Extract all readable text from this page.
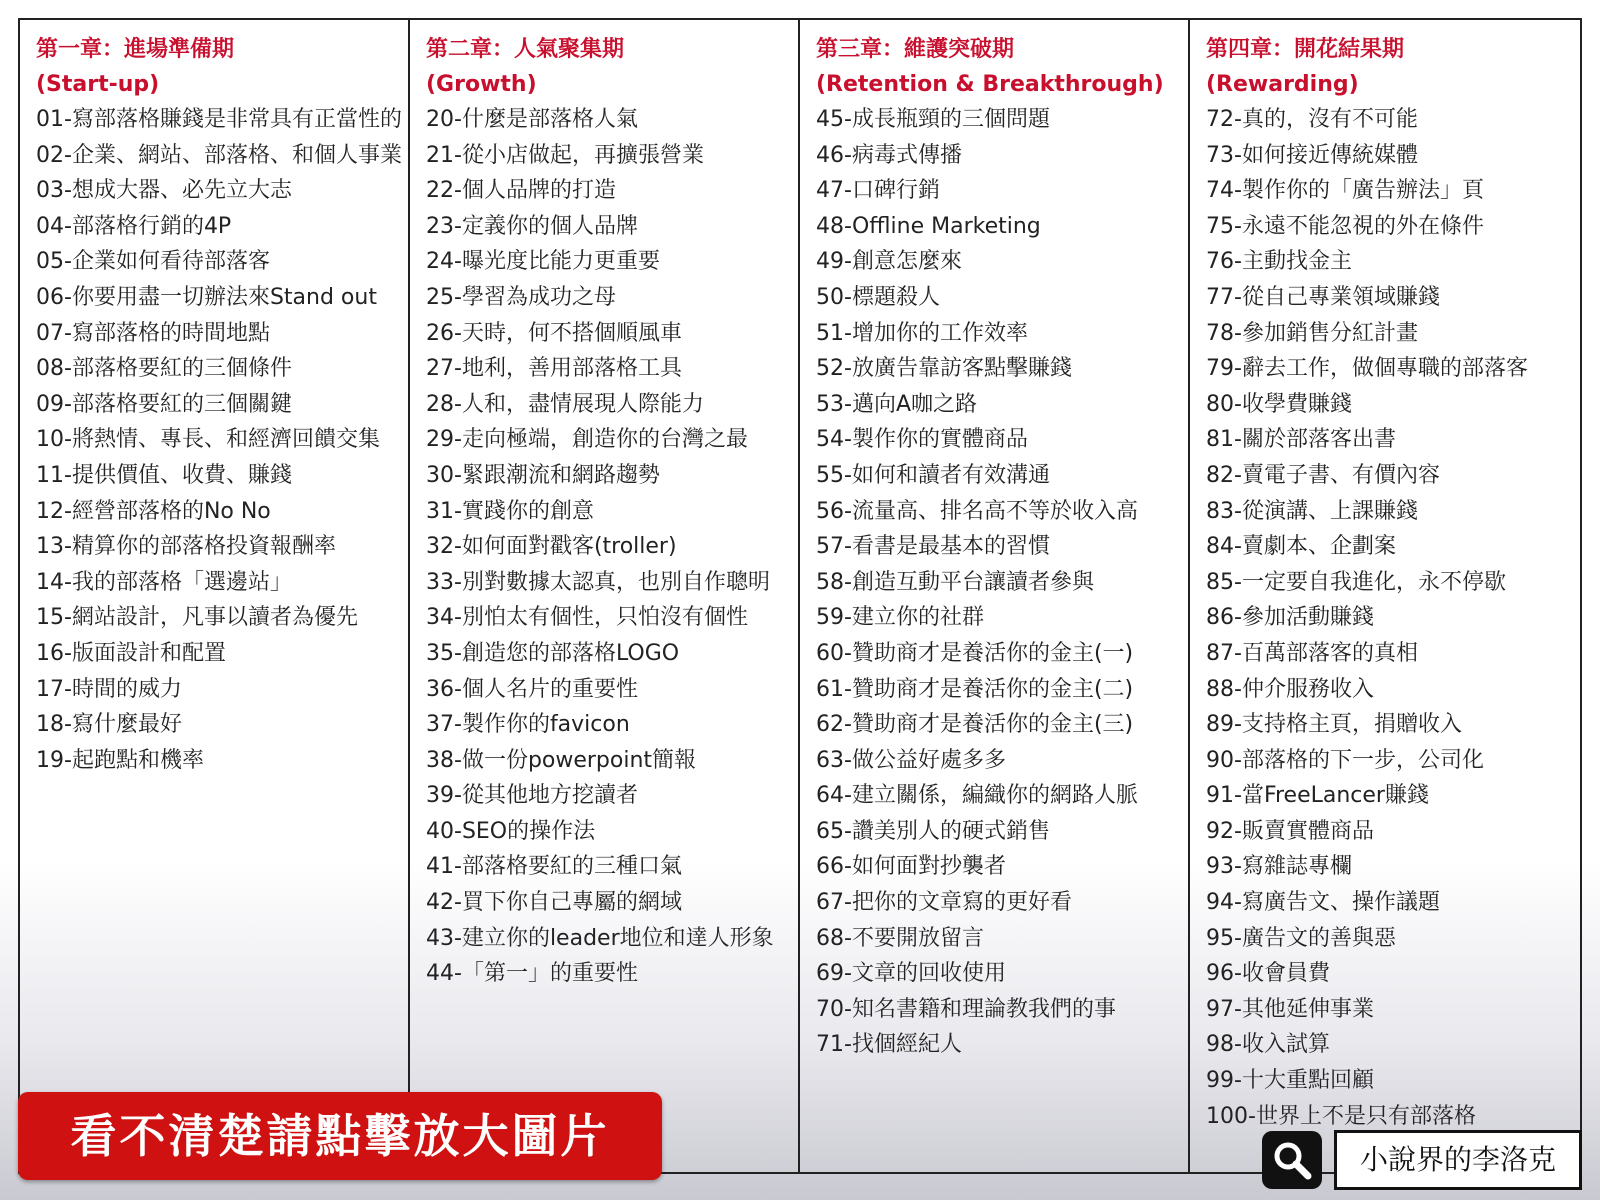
第一章：進場準備期
(Start-up)
01- 寫部落格賺錢是非常具有正當性的
02- 企業、網站、部落格、和個人事業
03- 想成大器、必先立大志
04- 部落格行銷的4P
05- 企業如何看待部落客
06- 你要用盡一切辦法來Stand out
07- 寫部落格的時間地點
08- 部落格要紅的三個條件
09- 部落格要紅的三個關鍵
10- 將熱情、專長、和經濟回饋交集
11- 提供價值、收費、賺錢
12- 經營部落格的No No
13- 精算你的部落格投資報酬率
14- 我的部落格「選邊站」
15- 網站設計，凡事以讀者為優先
16- 版面設計和配置
17- 時間的威力
18- 寫什麼最好
19- 起跑點和機率
第二章：人氣聚集期
(Growth)
20- 什麼是部落格人氣
21- 從小店做起，再擴張營業
22- 個人品牌的打造
23- 定義你的個人品牌
24- 曝光度比能力更重要
25- 學習為成功之母
26- 天時，何不搭個順風車
27- 地利，善用部落格工具
28- 人和，盡情展現人際能力
29- 走向極端，創造你的台灣之最
30- 緊跟潮流和網路趨勢
31- 實踐你的創意
32- 如何面對戳客(troller)
33- 別對數據太認真，也別自作聰明
34- 別怕太有個性，只怕沒有個性
35- 創造您的部落格LOGO
36- 個人名片的重要性
37- 製作你的favicon
38- 做一份powerpoint簡報
39- 從其他地方挖讀者
40- SEO的操作法
41- 部落格要紅的三種口氣
42- 買下你自己專屬的網域
43- 建立你的leader地位和達人形象
44- 「第一」的重要性
第三章：維護突破期
(Retention & Breakthrough)
45- 成長瓶頸的三個問題
46- 病毒式傳播
47- 口碑行銷
48- Offline Marketing
49- 創意怎麼來
50- 標題殺人
51- 增加你的工作效率
52- 放廣告靠訪客點擊賺錢
53- 邁向A咖之路
54- 製作你的實體商品
55- 如何和讀者有效溝通
56- 流量高、排名高不等於收入高
57- 看書是最基本的習慣
58- 創造互動平台讓讀者參與
59- 建立你的社群
60- 贊助商才是養活你的金主(一)
61- 贊助商才是養活你的金主(二)
62- 贊助商才是養活你的金主(三)
63- 做公益好處多多
64- 建立關係，編織你的網路人脈
65- 讚美別人的硬式銷售
66- 如何面對抄襲者
67- 把你的文章寫的更好看
68- 不要開放留言
69- 文章的回收使用
70- 知名書籍和理論教我們的事
71- 找個經紀人
第四章：開花結果期
(Rewarding)
72- 真的，沒有不可能
73- 如何接近傳統媒體
74- 製作你的「廣告辦法」頁
75- 永遠不能忽視的外在條件
76- 主動找金主
77- 從自己專業領域賺錢
78- 參加銷售分紅計畫
79- 辭去工作，做個專職的部落客
80- 收學費賺錢
81- 關於部落客出書
82- 賣電子書、有價內容
83- 從演講、上課賺錢
84- 賣劇本、企劃案
85- 一定要自我進化，永不停歇
86- 參加活動賺錢
87- 百萬部落客的真相
88- 仲介服務收入
89- 支持格主頁，捐贈收入
90- 部落格的下一步，公司化
91- 當FreeLancer賺錢
92- 販賣實體商品
93- 寫雜誌專欄
94- 寫廣告文、操作議題
95- 廣告文的善與惡
96- 收會員費
97- 其他延伸事業
98- 收入試算
99- 十大重點回顧
100- 世界上不是只有部落格
看不清楚請點擊放大圖片	小說界的李洛克
